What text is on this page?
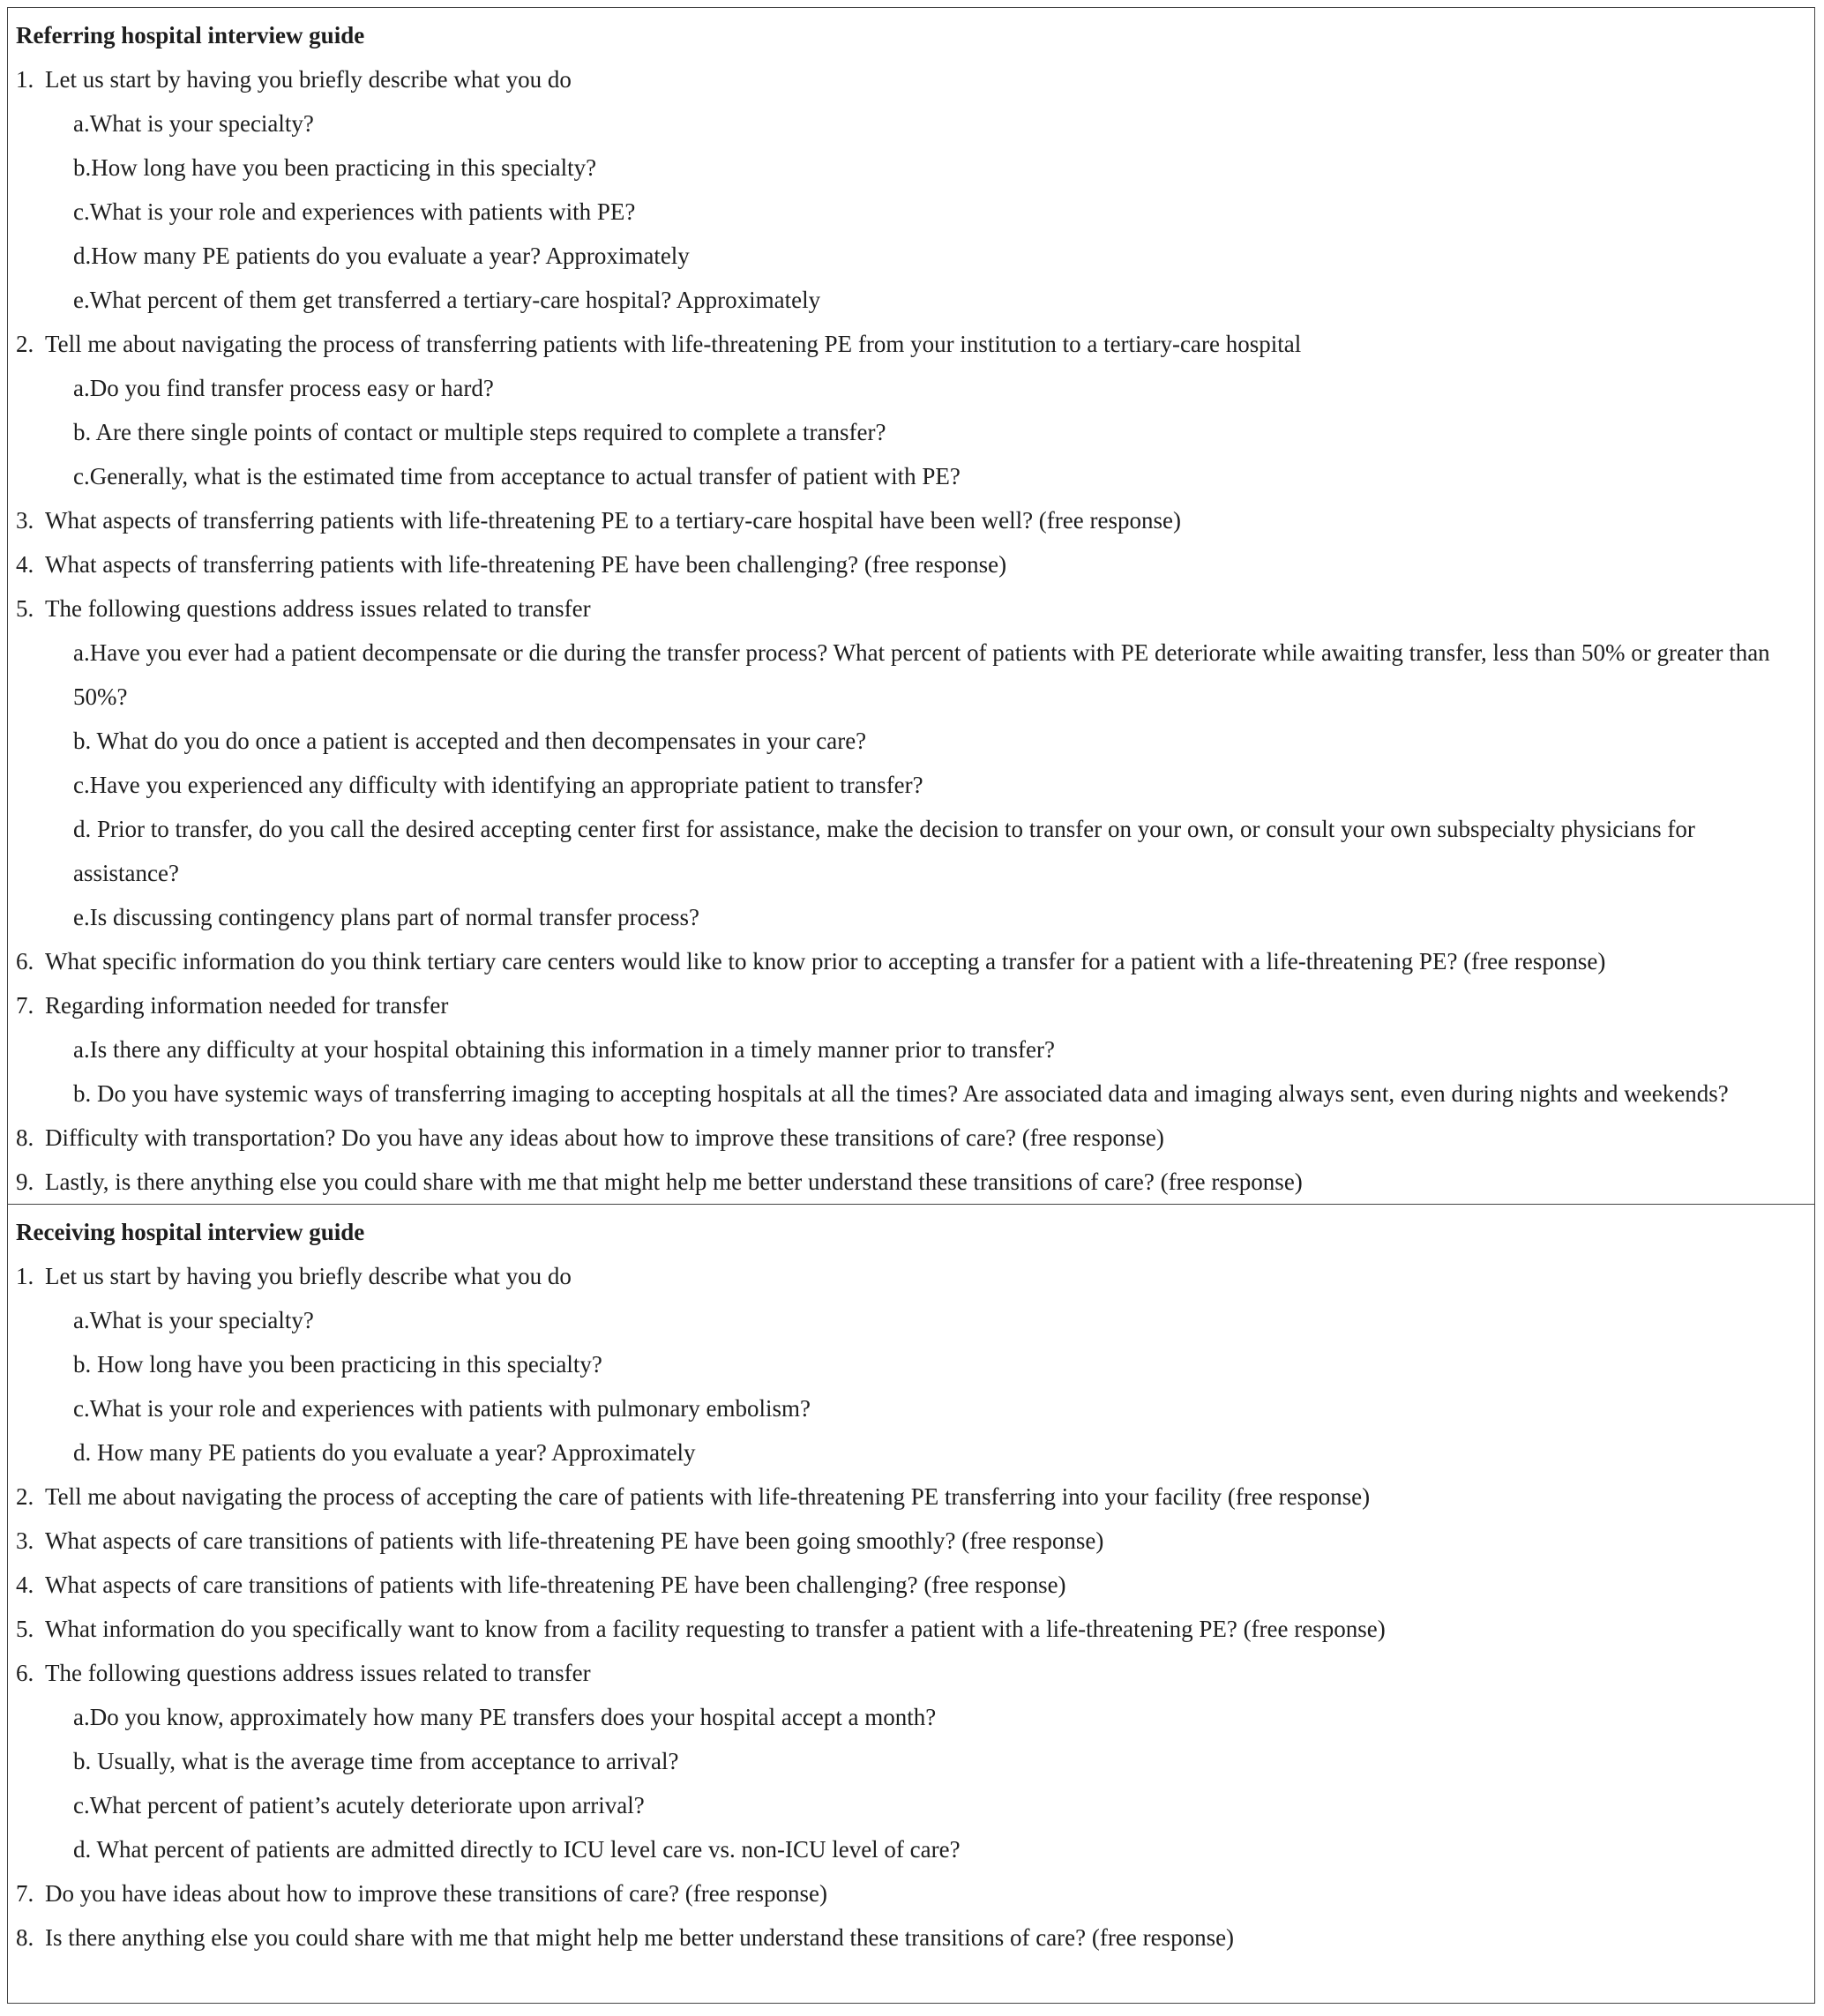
Referring hospital interview guide
1. Let us start by having you briefly describe what you do
a.What is your specialty?
b.How long have you been practicing in this specialty?
c.What is your role and experiences with patients with PE?
d.How many PE patients do you evaluate a year? Approximately
e.What percent of them get transferred a tertiary-care hospital? Approximately
2. Tell me about navigating the process of transferring patients with life-threatening PE from your institution to a tertiary-care hospital
a.Do you find transfer process easy or hard?
b. Are there single points of contact or multiple steps required to complete a transfer?
c.Generally, what is the estimated time from acceptance to actual transfer of patient with PE?
3. What aspects of transferring patients with life-threatening PE to a tertiary-care hospital have been well? (free response)
4. What aspects of transferring patients with life-threatening PE have been challenging? (free response)
5. The following questions address issues related to transfer
a.Have you ever had a patient decompensate or die during the transfer process? What percent of patients with PE deteriorate while awaiting transfer, less than 50% or greater than 50%?
b. What do you do once a patient is accepted and then decompensates in your care?
c.Have you experienced any difficulty with identifying an appropriate patient to transfer?
d. Prior to transfer, do you call the desired accepting center first for assistance, make the decision to transfer on your own, or consult your own subspecialty physicians for assistance?
e.Is discussing contingency plans part of normal transfer process?
6. What specific information do you think tertiary care centers would like to know prior to accepting a transfer for a patient with a life-threatening PE? (free response)
7. Regarding information needed for transfer
a.Is there any difficulty at your hospital obtaining this information in a timely manner prior to transfer?
b. Do you have systemic ways of transferring imaging to accepting hospitals at all the times? Are associated data and imaging always sent, even during nights and weekends?
8. Difficulty with transportation? Do you have any ideas about how to improve these transitions of care? (free response)
9. Lastly, is there anything else you could share with me that might help me better understand these transitions of care? (free response)
Receiving hospital interview guide
1. Let us start by having you briefly describe what you do
a.What is your specialty?
b. How long have you been practicing in this specialty?
c.What is your role and experiences with patients with pulmonary embolism?
d. How many PE patients do you evaluate a year? Approximately
2. Tell me about navigating the process of accepting the care of patients with life-threatening PE transferring into your facility (free response)
3. What aspects of care transitions of patients with life-threatening PE have been going smoothly? (free response)
4. What aspects of care transitions of patients with life-threatening PE have been challenging? (free response)
5. What information do you specifically want to know from a facility requesting to transfer a patient with a life-threatening PE? (free response)
6. The following questions address issues related to transfer
a.Do you know, approximately how many PE transfers does your hospital accept a month?
b. Usually, what is the average time from acceptance to arrival?
c.What percent of patient’s acutely deteriorate upon arrival?
d. What percent of patients are admitted directly to ICU level care vs. non-ICU level of care?
7. Do you have ideas about how to improve these transitions of care? (free response)
8. Is there anything else you could share with me that might help me better understand these transitions of care? (free response)
